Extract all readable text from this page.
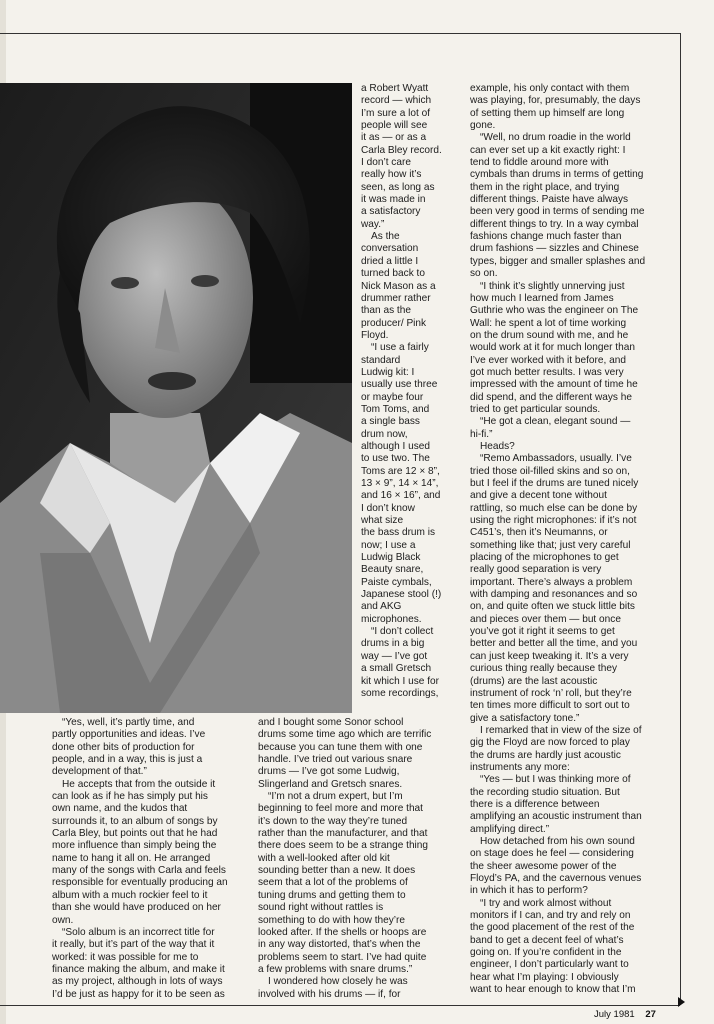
a Robert Wyatt
record — which
I’m sure a lot of
people will see
it as — or as a
Carla Bley record.
I don’t care
really how it’s
seen, as long as
it was made in
a satisfactory
way.”
As the
conversation
dried a little I
turned back to
Nick Mason as a
drummer rather
than as the
producer/ Pink
Floyd.
“I use a fairly
standard
Ludwig kit: I
usually use three
or maybe four
Tom Toms, and
a single bass
drum now,
although I used
to use two. The
Toms are 12 × 8”,
13 × 9”, 14 × 14”,
and 16 × 16”, and
I don’t know
what size
the bass drum is
now; I use a
Ludwig Black
Beauty snare,
Paiste cymbals,
Japanese stool (!)
and AKG
microphones.
“I don’t collect
drums in a big
way — I’ve got
a small Gretsch
kit which I use for
some recordings,
“Yes, well, it’s partly time, and
partly opportunities and ideas. I’ve
done other bits of production for
people, and in a way, this is just a
development of that.”
He accepts that from the outside it
can look as if he has simply put his
own name, and the kudos that
surrounds it, to an album of songs by
Carla Bley, but points out that he had
more influence than simply being the
name to hang it all on. He arranged
many of the songs with Carla and feels
responsible for eventually producing an
album with a much rockier feel to it
than she would have produced on her
own.
“Solo album is an incorrect title for
it really, but it’s part of the way that it
worked: it was possible for me to
finance making the album, and make it
as my project, although in lots of ways
I’d be just as happy for it to be seen as
and I bought some Sonor school
drums some time ago which are terrific
because you can tune them with one
handle. I’ve tried out various snare
drums — I’ve got some Ludwig,
Slingerland and Gretsch snares.
“I’m not a drum expert, but I’m
beginning to feel more and more that
it’s down to the way they’re tuned
rather than the manufacturer, and that
there does seem to be a strange thing
with a well-looked after old kit
sounding better than a new. It does
seem that a lot of the problems of
tuning drums and getting them to
sound right without rattles is
something to do with how they’re
looked after. If the shells or hoops are
in any way distorted, that’s when the
problems seem to start. I’ve had quite
a few problems with snare drums.”
I wondered how closely he was
involved with his drums — if, for
example, his only contact with them
was playing, for, presumably, the days
of setting them up himself are long
gone.
“Well, no drum roadie in the world
can ever set up a kit exactly right: I
tend to fiddle around more with
cymbals than drums in terms of getting
them in the right place, and trying
different things. Paiste have always
been very good in terms of sending me
different things to try. In a way cymbal
fashions change much faster than
drum fashions — sizzles and Chinese
types, bigger and smaller splashes and
so on.
“I think it’s slightly unnerving just
how much I learned from James
Guthrie who was the engineer on The
Wall: he spent a lot of time working
on the drum sound with me, and he
would work at it for much longer than
I’ve ever worked with it before, and
got much better results. I was very
impressed with the amount of time he
did spend, and the different ways he
tried to get particular sounds.
“He got a clean, elegant sound —
hi-fi.”
Heads?
“Remo Ambassadors, usually. I’ve
tried those oil-filled skins and so on,
but I feel if the drums are tuned nicely
and give a decent tone without
rattling, so much else can be done by
using the right microphones: if it’s not
C451’s, then it’s Neumanns, or
something like that; just very careful
placing of the microphones to get
really good separation is very
important. There’s always a problem
with damping and resonances and so
on, and quite often we stuck little bits
and pieces over them — but once
you’ve got it right it seems to get
better and better all the time, and you
can just keep tweaking it. It’s a very
curious thing really because they
(drums) are the last acoustic
instrument of rock ‘n’ roll, but they’re
ten times more difficult to sort out to
give a satisfactory tone.”
I remarked that in view of the size of
gig the Floyd are now forced to play
the drums are hardly just acoustic
instruments any more:
“Yes — but I was thinking more of
the recording studio situation. But
there is a difference between
amplifying an acoustic instrument than
amplifying direct.”
How detached from his own sound
on stage does he feel — considering
the sheer awesome power of the
Floyd’s PA, and the cavernous venues
in which it has to perform?
“I try and work almost without
monitors if I can, and try and rely on
the good placement of the rest of the
band to get a decent feel of what’s
going on. If you’re confident in the
engineer, I don’t particularly want to
hear what I’m playing: I obviously
want to hear enough to know that I’m
July 1981 27
